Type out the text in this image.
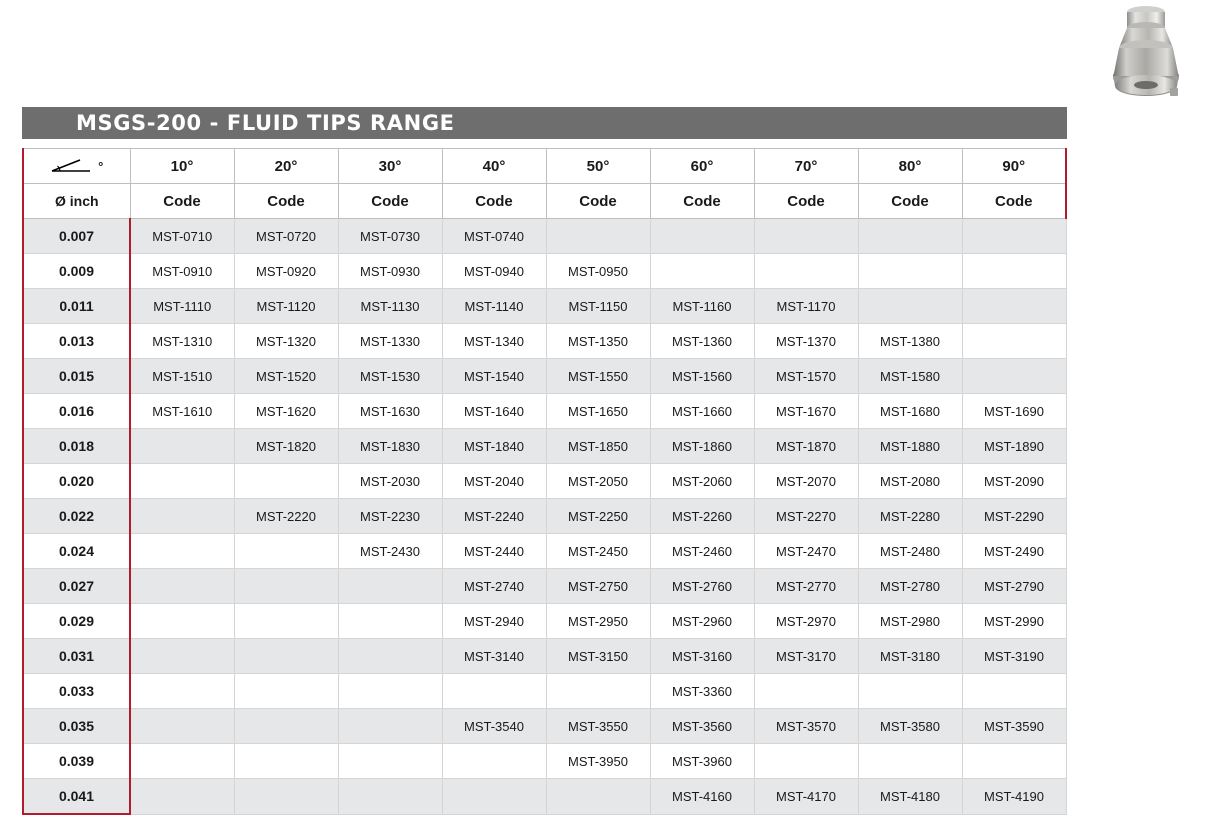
MSGS-200 - FLUID TIPS RANGE
°	10°	20°	30°	40°	50°	60°	70°	80°	90°
Ø inch	Code	Code	Code	Code	Code	Code	Code	Code	Code
0.007	MST-0710	MST-0720	MST-0730	MST-0740					
0.009	MST-0910	MST-0920	MST-0930	MST-0940	MST-0950				
0.011	MST-1110	MST-1120	MST-1130	MST-1140	MST-1150	MST-1160	MST-1170		
0.013	MST-1310	MST-1320	MST-1330	MST-1340	MST-1350	MST-1360	MST-1370	MST-1380	
0.015	MST-1510	MST-1520	MST-1530	MST-1540	MST-1550	MST-1560	MST-1570	MST-1580	
0.016	MST-1610	MST-1620	MST-1630	MST-1640	MST-1650	MST-1660	MST-1670	MST-1680	MST-1690
0.018		MST-1820	MST-1830	MST-1840	MST-1850	MST-1860	MST-1870	MST-1880	MST-1890
0.020			MST-2030	MST-2040	MST-2050	MST-2060	MST-2070	MST-2080	MST-2090
0.022		MST-2220	MST-2230	MST-2240	MST-2250	MST-2260	MST-2270	MST-2280	MST-2290
0.024			MST-2430	MST-2440	MST-2450	MST-2460	MST-2470	MST-2480	MST-2490
0.027				MST-2740	MST-2750	MST-2760	MST-2770	MST-2780	MST-2790
0.029				MST-2940	MST-2950	MST-2960	MST-2970	MST-2980	MST-2990
0.031				MST-3140	MST-3150	MST-3160	MST-3170	MST-3180	MST-3190
0.033						MST-3360			
0.035				MST-3540	MST-3550	MST-3560	MST-3570	MST-3580	MST-3590
0.039					MST-3950	MST-3960			
0.041						MST-4160	MST-4170	MST-4180	MST-4190
